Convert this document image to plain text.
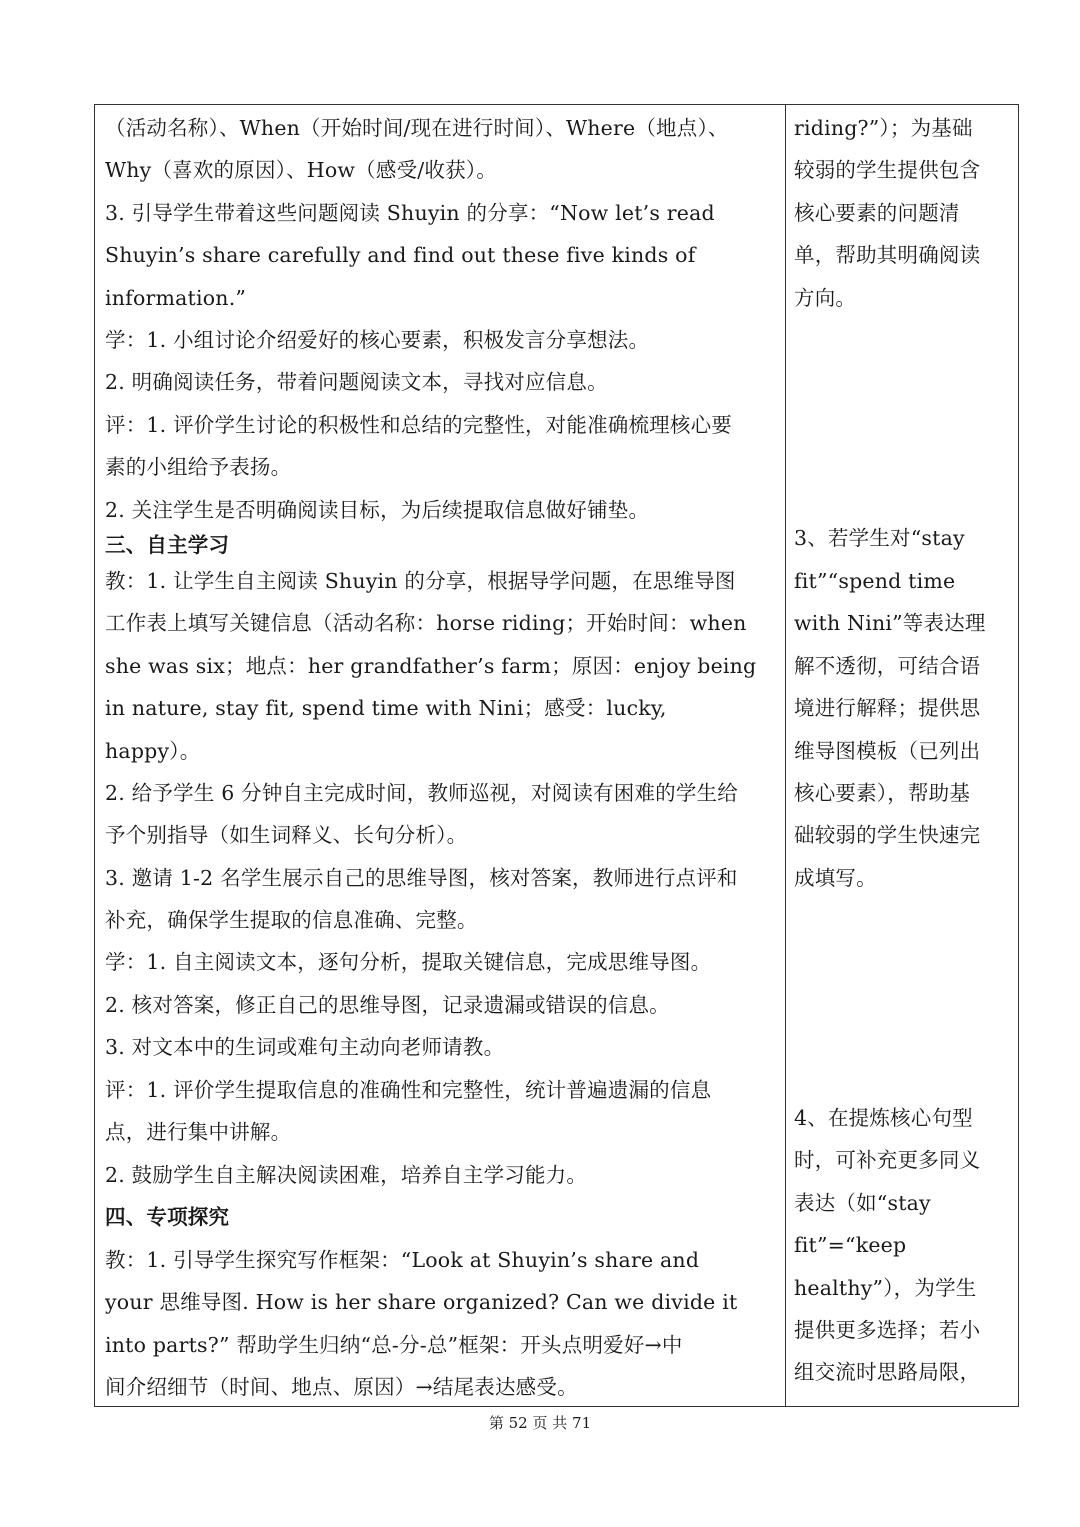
（活动名称）、When（开始时间/现在进行时间）、Where（地点）、
Why（喜欢的原因）、How（感受/收获）。
3. 引导学生带着这些问题阅读 Shuyin 的分享：“Now let’s read
Shuyin’s share carefully and find out these five kinds of
information.”
学：1. 小组讨论介绍爱好的核心要素，积极发言分享想法。
2. 明确阅读任务，带着问题阅读文本，寻找对应信息。
评：1. 评价学生讨论的积极性和总结的完整性，对能准确梳理核心要
素的小组给予表扬。
2. 关注学生是否明确阅读目标，为后续提取信息做好铺垫。
三、自主学习
教：1. 让学生自主阅读 Shuyin 的分享，根据导学问题，在思维导图
工作表上填写关键信息（活动名称：horse riding；开始时间：when
she was six；地点：her grandfather’s farm；原因：enjoy being
in nature, stay fit, spend time with Nini；感受：lucky,
happy）。
2. 给予学生 6 分钟自主完成时间，教师巡视，对阅读有困难的学生给
予个别指导（如生词释义、长句分析）。
3. 邀请 1-2 名学生展示自己的思维导图，核对答案，教师进行点评和
补充，确保学生提取的信息准确、完整。
学：1. 自主阅读文本，逐句分析，提取关键信息，完成思维导图。
2. 核对答案，修正自己的思维导图，记录遗漏或错误的信息。
3. 对文本中的生词或难句主动向老师请教。
评：1. 评价学生提取信息的准确性和完整性，统计普遍遗漏的信息
点，进行集中讲解。
2. 鼓励学生自主解决阅读困难，培养自主学习能力。
四、专项探究
教：1. 引导学生探究写作框架：“Look at Shuyin’s share and
your 思维导图. How is her share organized? Can we divide it
into parts?” 帮助学生归纳“总-分-总”框架：开头点明爱好→中
间介绍细节（时间、地点、原因）→结尾表达感受。
riding?”）；为基础
较弱的学生提供包含
核心要素的问题清
单，帮助其明确阅读
方向。
3、若学生对“stay
fit”“spend time
with Nini”等表达理
解不透彻，可结合语
境进行解释；提供思
维导图模板（已列出
核心要素），帮助基
础较弱的学生快速完
成填写。
4、在提炼核心句型
时，可补充更多同义
表达（如“stay
fit”=“keep
healthy”），为学生
提供更多选择；若小
组交流时思路局限，
第 52 页 共 71
